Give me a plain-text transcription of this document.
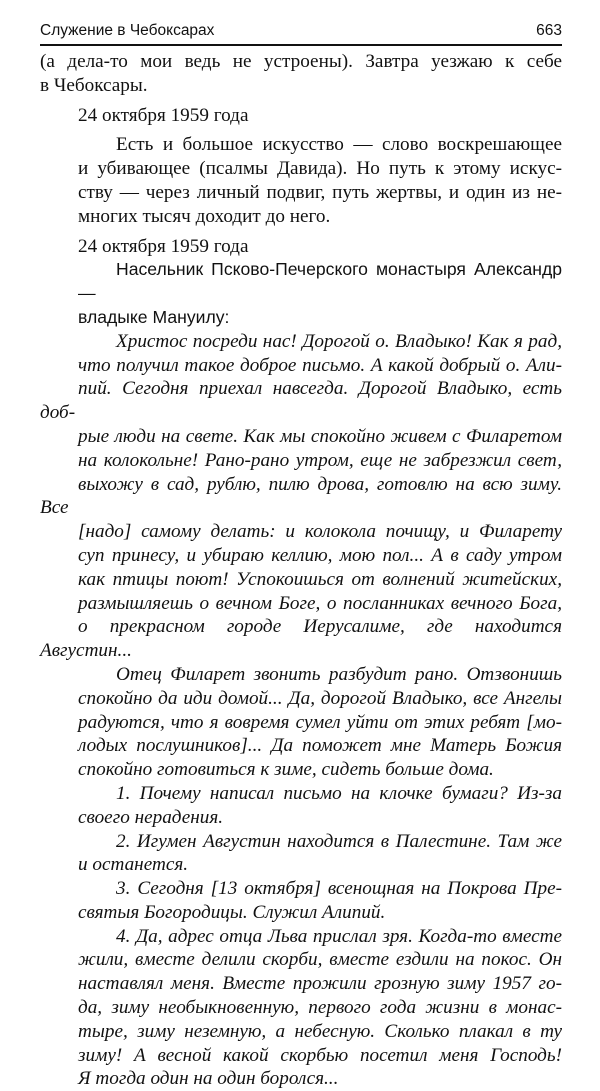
Служение в Чебоксарах	663

(а дела-то мои ведь не устроены). Завтра уезжаю к себе
в Чебоксары.

24 октября 1959 года

Есть и большое искусство — слово воскрешающее
и убивающее (псалмы Давида). Но путь к этому искус-
ству — через личный подвиг, путь жертвы, и один из не-
многих тысяч доходит до него.

24 октября 1959 года

Насельник Псково-Печерского монастыря Александр —
владыке Мануилу:

Христос посреди нас! Дорогой о. Владыко! Как я рад,
что получил такое доброе письмо. А какой добрый о. Али-
пий. Сегодня приехал навсегда. Дорогой Владыко, есть доб-
рые люди на свете. Как мы спокойно живем с Филаретом
на колокольне! Рано-рано утром, еще не забрезжил свет,
выхожу в сад, рублю, пилю дрова, готовлю на всю зиму. Все
[надо] самому делать: и колокола почищу, и Филарету
суп принесу, и убираю келлию, мою пол... А в саду утром
как птицы поют! Успокоишься от волнений житейских,
размышляешь о вечном Боге, о посланниках вечного Бога,
о прекрасном городе Иерусалиме, где находится Августин...

Отец Филарет звонить разбудит рано. Отзвонишь
спокойно да иди домой... Да, дорогой Владыко, все Ангелы
радуются, что я вовремя сумел уйти от этих ребят [мо-
лодых послушников]... Да поможет мне Матерь Божия
спокойно готовиться к зиме, сидеть больше дома.

1. Почему написал письмо на клочке бумаги? Из-за
своего нерадения.

2. Игумен Августин находится в Палестине. Там же
и останется.

3. Сегодня [13 октября] всенощная на Покрова Пре-
святыя Богородицы. Служил Алипий.

4. Да, адрес отца Льва прислал зря. Когда-то вместе
жили, вместе делили скорби, вместе ездили на покос. Он
наставлял меня. Вместе прожили грозную зиму 1957 го-
да, зиму необыкновенную, первого года жизни в монас-
тыре, зиму неземную, а небесную. Сколько плакал в ту
зиму! А весной какой скорбью посетил меня Господь!
Я тогда один на один боролся...
